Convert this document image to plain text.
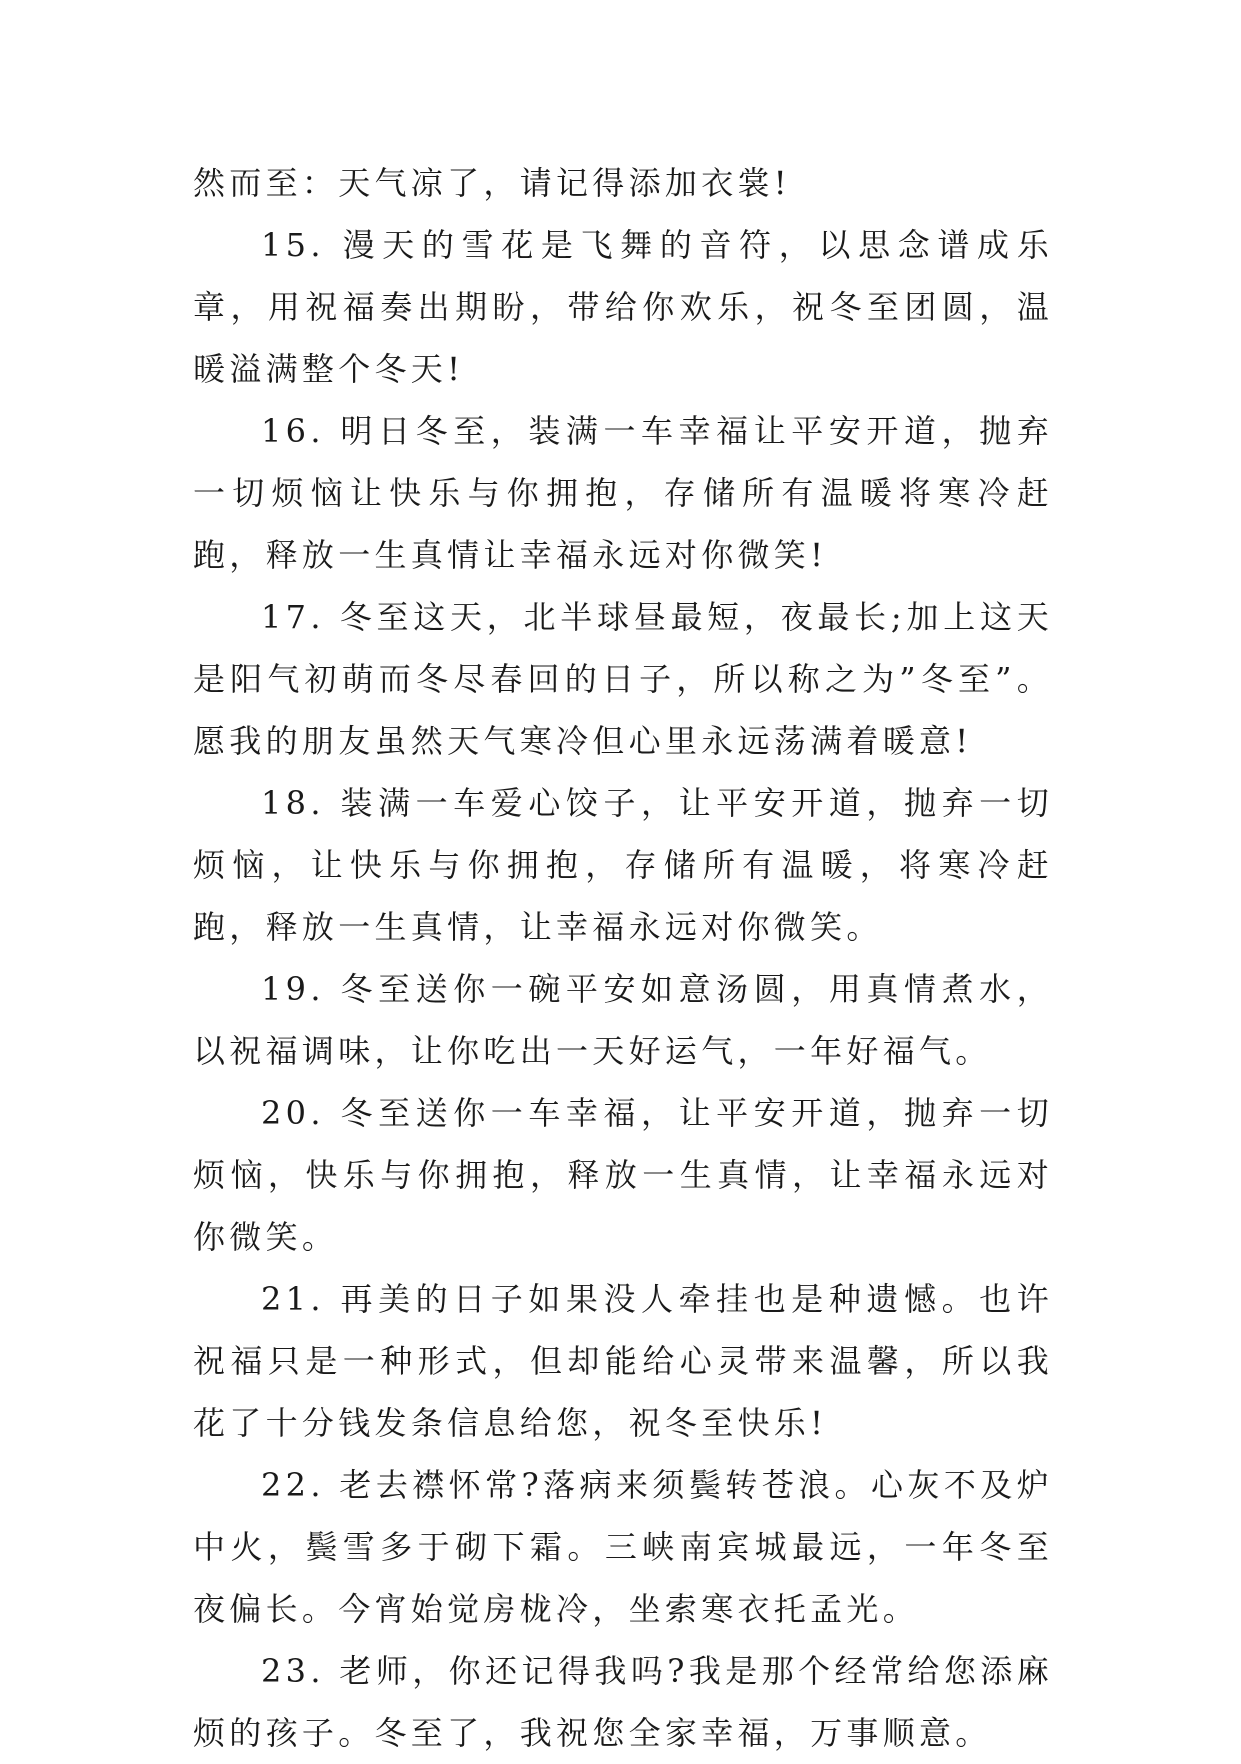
然而至：天气凉了，请记得添加衣裳!

15. 漫天的雪花是飞舞的音符，以思念谱成乐章，用祝福奏出期盼，带给你欢乐，祝冬至团圆，温暖溢满整个冬天!

16. 明日冬至，装满一车幸福让平安开道，抛弃一切烦恼让快乐与你拥抱，存储所有温暖将寒冷赶跑，释放一生真情让幸福永远对你微笑!

17. 冬至这天，北半球昼最短，夜最长;加上这天是阳气初萌而冬尽春回的日子，所以称之为”冬至”。愿我的朋友虽然天气寒冷但心里永远荡满着暖意!

18. 装满一车爱心饺子，让平安开道，抛弃一切烦恼，让快乐与你拥抱，存储所有温暖，将寒冷赶跑，释放一生真情，让幸福永远对你微笑。

19. 冬至送你一碗平安如意汤圆，用真情煮水，以祝福调味，让你吃出一天好运气，一年好福气。

20. 冬至送你一车幸福，让平安开道，抛弃一切烦恼，快乐与你拥抱，释放一生真情，让幸福永远对你微笑。

21. 再美的日子如果没人牵挂也是种遗憾。也许祝福只是一种形式，但却能给心灵带来温馨，所以我花了十分钱发条信息给您，祝冬至快乐!

22. 老去襟怀常?落病来须鬓转苍浪。心灰不及炉中火，鬓雪多于砌下霜。三峡南宾城最远，一年冬至夜偏长。今宵始觉房栊冷，坐索寒衣托孟光。

23. 老师，你还记得我吗?我是那个经常给您添麻烦的孩子。冬至了，我祝您全家幸福，万事顺意。
